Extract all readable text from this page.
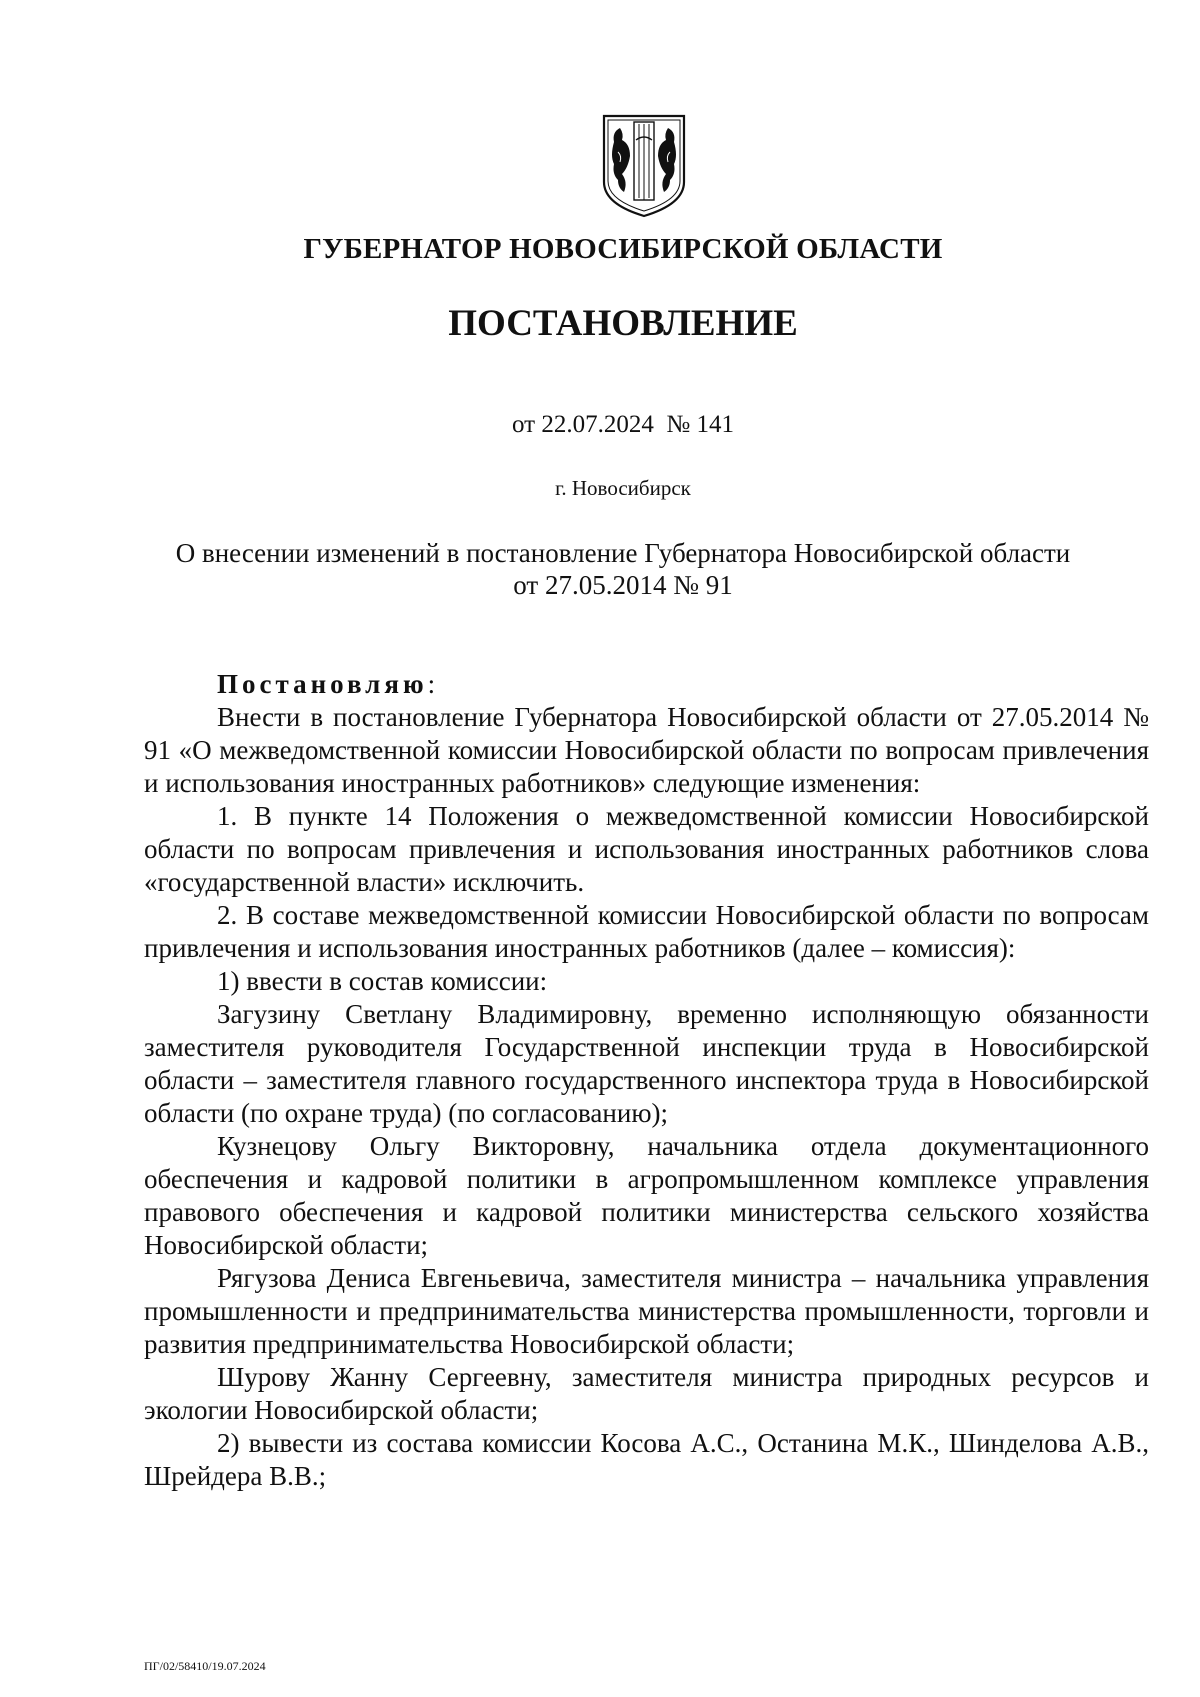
ГУБЕРНАТОР НОВОСИБИРСКОЙ ОБЛАСТИ
ПОСТАНОВЛЕНИЕ
от 22.07.2024 № 141
г. Новосибирск
О внесении изменений в постановление Губернатора Новосибирской области
от 27.05.2014 № 91

Постановляю:

Внести в постановление Губернатора Новосибирской области от 27.05.2014 № 91 «О межведомственной комиссии Новосибирской области по вопросам привлечения и использования иностранных работников» следующие изменения:

1. В пункте 14 Положения о межведомственной комиссии Новосибирской области по вопросам привлечения и использования иностранных работников слова «государственной власти» исключить.

2. В составе межведомственной комиссии Новосибирской области по вопросам привлечения и использования иностранных работников (далее – комиссия):

1) ввести в состав комиссии:

Загузину Светлану Владимировну, временно исполняющую обязанности заместителя руководителя Государственной инспекции труда в Новосибирской области – заместителя главного государственного инспектора труда в Новосибирской области (по охране труда) (по согласованию);

Кузнецову Ольгу Викторовну, начальника отдела документационного обеспечения и кадровой политики в агропромышленном комплексе управления правового обеспечения и кадровой политики министерства сельского хозяйства Новосибирской области;

Рягузова Дениса Евгеньевича, заместителя министра – начальника управления промышленности и предпринимательства министерства промышленности, торговли и развития предпринимательства Новосибирской области;

Шурову Жанну Сергеевну, заместителя министра природных ресурсов и экологии Новосибирской области;

2) вывести из состава комиссии Косова А.С., Останина М.К., Шинделова А.В., Шрейдера В.В.;

ПГ/02/58410/19.07.2024
